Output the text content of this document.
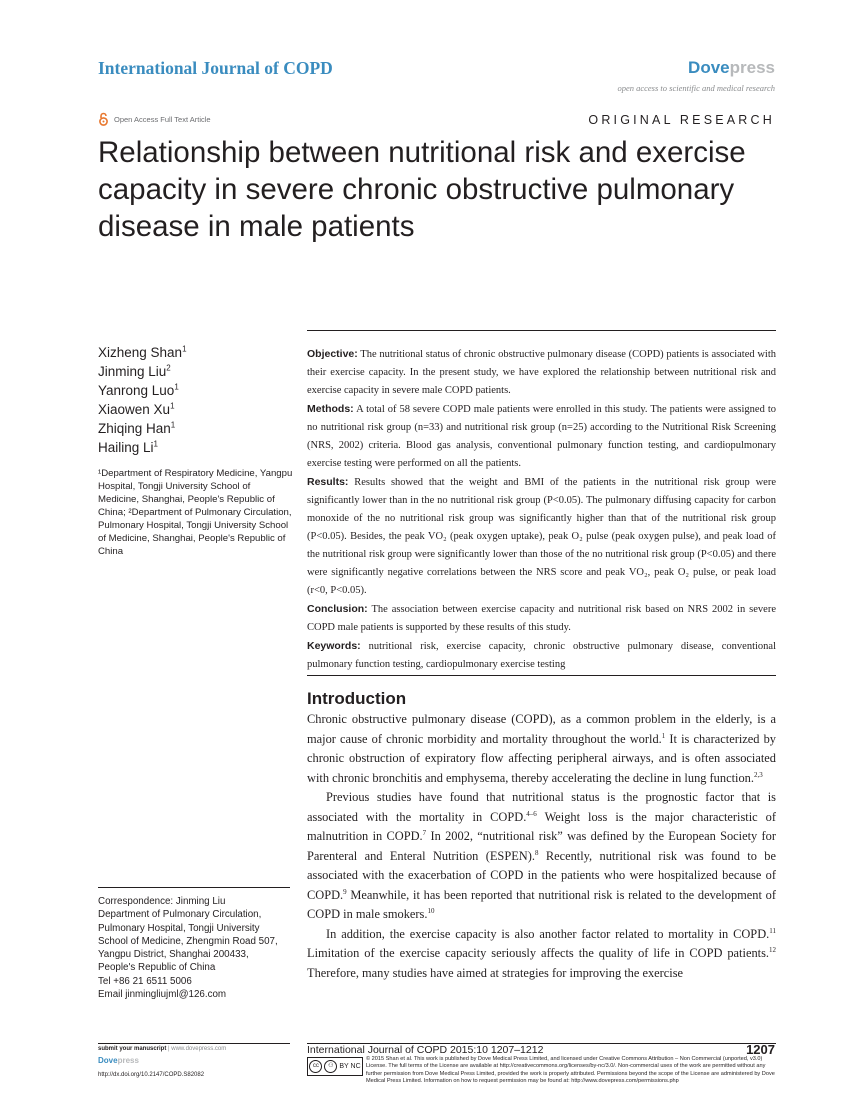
International Journal of COPD	Dovepress
open access to scientific and medical research
Open Access Full Text Article	ORIGINAL RESEARCH
Relationship between nutritional risk and exercise capacity in severe chronic obstructive pulmonary disease in male patients
Xizheng Shan$^1$
Jinming Liu$^2$
Yanrong Luo$^1$
Xiaowen Xu$^1$
Zhiqing Han$^1$
Hailing Li$^1$
¹Department of Respiratory Medicine, Yangpu Hospital, Tongji University School of Medicine, Shanghai, People's Republic of China; ²Department of Pulmonary Circulation, Pulmonary Hospital, Tongji University School of Medicine, Shanghai, People's Republic of China

Objective: The nutritional status of chronic obstructive pulmonary disease (COPD) patients is associated with their exercise capacity. In the present study, we have explored the relationship between nutritional risk and exercise capacity in severe male COPD patients.

Methods: A total of 58 severe COPD male patients were enrolled in this study. The patients were assigned to no nutritional risk group (n=33) and nutritional risk group (n=25) according to the Nutritional Risk Screening (NRS, 2002) criteria. Blood gas analysis, conventional pulmonary function testing, and cardiopulmonary exercise testing were performed on all the patients.

Results: Results showed that the weight and BMI of the patients in the nutritional risk group were significantly lower than in the no nutritional risk group (P<0.05). The pulmonary diffusing capacity for carbon monoxide of the no nutritional risk group was significantly higher than that of the nutritional risk group (P<0.05). Besides, the peak VO₂ (peak oxygen uptake), peak O₂ pulse (peak oxygen pulse), and peak load of the nutritional risk group were significantly lower than those of the no nutritional risk group (P<0.05) and there were significantly negative correlations between the NRS score and peak VO₂, peak O₂ pulse, or peak load (r<0, P<0.05).

Conclusion: The association between exercise capacity and nutritional risk based on NRS 2002 in severe COPD male patients is supported by these results of this study.

Keywords: nutritional risk, exercise capacity, chronic obstructive pulmonary disease, conventional pulmonary function testing, cardiopulmonary exercise testing

Introduction

Chronic obstructive pulmonary disease (COPD), as a common problem in the elderly, is a major cause of chronic morbidity and mortality throughout the world.$^1$ It is characterized by chronic obstruction of expiratory flow affecting peripheral airways, and is often associated with chronic bronchitis and emphysema, thereby accelerating the decline in lung function.$^{2,3}$

Previous studies have found that nutritional status is the prognostic factor that is associated with the mortality in COPD.$^{4-6}$ Weight loss is the major characteristic of malnutrition in COPD.$^7$ In 2002, “nutritional risk” was defined by the European Society for Parenteral and Enteral Nutrition (ESPEN).$^8$ Recently, nutritional risk was found to be associated with the exacerbation of COPD in the patients who were hospitalized because of COPD.$^9$ Meanwhile, it has been reported that nutritional risk is related to the development of COPD in male smokers.$^{10}$

In addition, the exercise capacity is also another factor related to mortality in COPD.$^{11}$ Limitation of the exercise capacity seriously affects the quality of life in COPD patients.$^{12}$ Therefore, many studies have aimed at strategies for improving the exercise

Correspondence: Jinming Liu
Department of Pulmonary Circulation,
Pulmonary Hospital, Tongji University
School of Medicine, Zhengmin Road 507,
Yangpu District, Shanghai 200433,
People's Republic of China
Tel +86 21 6511 5006
Email jinmingliujml@126.com
submit your manuscript | www.dovepress.com
Dovepress
http://dx.doi.org/10.2147/COPD.S82082
International Journal of COPD 2015:10 1207–1212	1207
cc	⚇ BY NC
© 2015 Shan et al. This work is published by Dove Medical Press Limited, and licensed under Creative Commons Attribution – Non Commercial (unported, v3.0) License. The full terms of the License are available at http://creativecommons.org/licenses/by-nc/3.0/. Non-commercial uses of the work are permitted without any further permission from Dove Medical Press Limited, provided the work is properly attributed. Permissions beyond the scope of the License are administered by Dove Medical Press Limited. Information on how to request permission may be found at: http://www.dovepress.com/permissions.php
